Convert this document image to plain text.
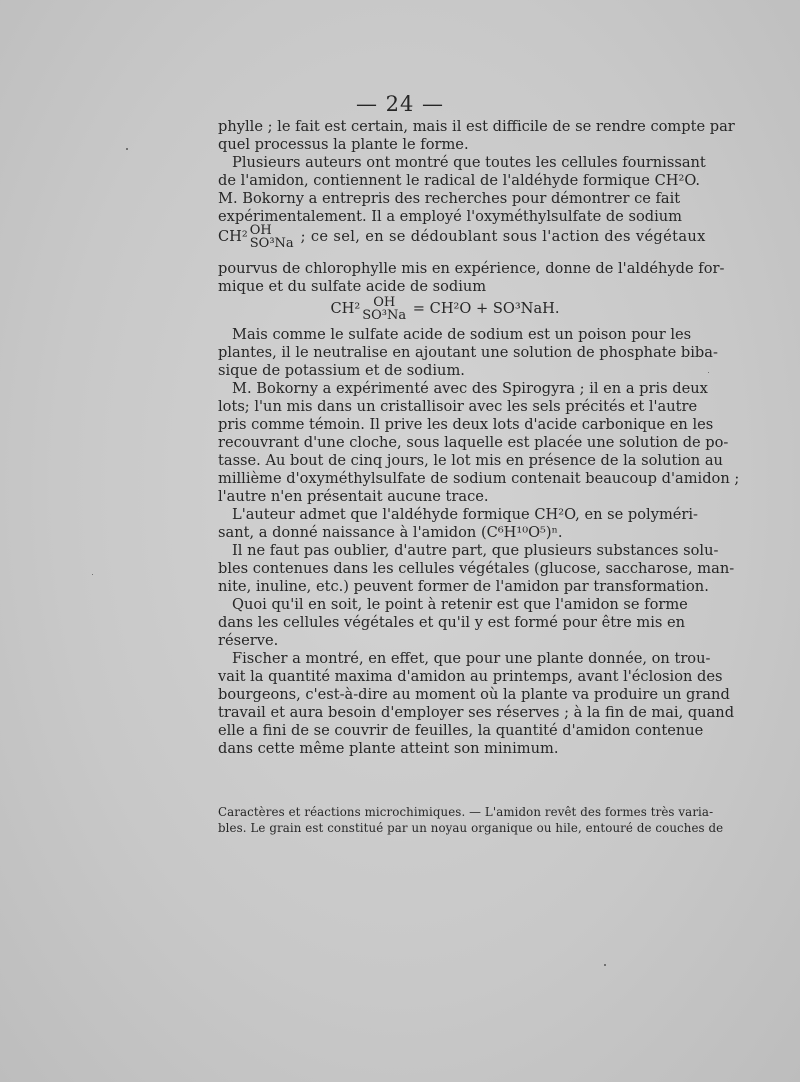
— 24 —

phylle ; le fait est certain, mais il est difficile de se rendre compte par
quel processus la plante le forme.

Plusieurs auteurs ont montré que toutes les cellules fournissant
de l'amidon, contiennent le radical de l'aldéhyde formique CH²O.
M. Bokorny a entrepris des recherches pour démontrer ce fait
expérimentalement. Il a employé l'oxyméthylsulfate de sodium

CH² OH
SO³Na ; ce sel, en se dédoublant sous l'action des végétaux

pourvus de chlorophylle mis en expérience, donne de l'aldéhyde for-
mique et du sulfate acide de sodium

CH² OH
SO³Na = CH²O + SO³NaH.

Mais comme le sulfate acide de sodium est un poison pour les
plantes, il le neutralise en ajoutant une solution de phosphate biba-
sique de potassium et de sodium.

M. Bokorny a expérimenté avec des Spirogyra ; il en a pris deux
lots; l'un mis dans un cristallisoir avec les sels précités et l'autre
pris comme témoin. Il prive les deux lots d'acide carbonique en les
recouvrant d'une cloche, sous laquelle est placée une solution de po-
tasse. Au bout de cinq jours, le lot mis en présence de la solution au
millième d'oxyméthylsulfate de sodium contenait beaucoup d'amidon ;
l'autre n'en présentait aucune trace.

L'auteur admet que l'aldéhyde formique CH²O, en se polyméri-
sant, a donné naissance à l'amidon (C⁶H¹⁰O⁵)ⁿ.

Il ne faut pas oublier, d'autre part, que plusieurs substances solu-
bles contenues dans les cellules végétales (glucose, saccharose, man-
nite, inuline, etc.) peuvent former de l'amidon par transformation.

Quoi qu'il en soit, le point à retenir est que l'amidon se forme
dans les cellules végétales et qu'il y est formé pour être mis en
réserve.

Fischer a montré, en effet, que pour une plante donnée, on trou-
vait la quantité maxima d'amidon au printemps, avant l'éclosion des
bourgeons, c'est-à-dire au moment où la plante va produire un grand
travail et aura besoin d'employer ses réserves ; à la fin de mai, quand
elle a fini de se couvrir de feuilles, la quantité d'amidon contenue
dans cette même plante atteint son minimum.

Caractères et réactions microchimiques. — L'amidon revêt des formes très varia-
bles. Le grain est constitué par un noyau organique ou hile, entouré de couches de
